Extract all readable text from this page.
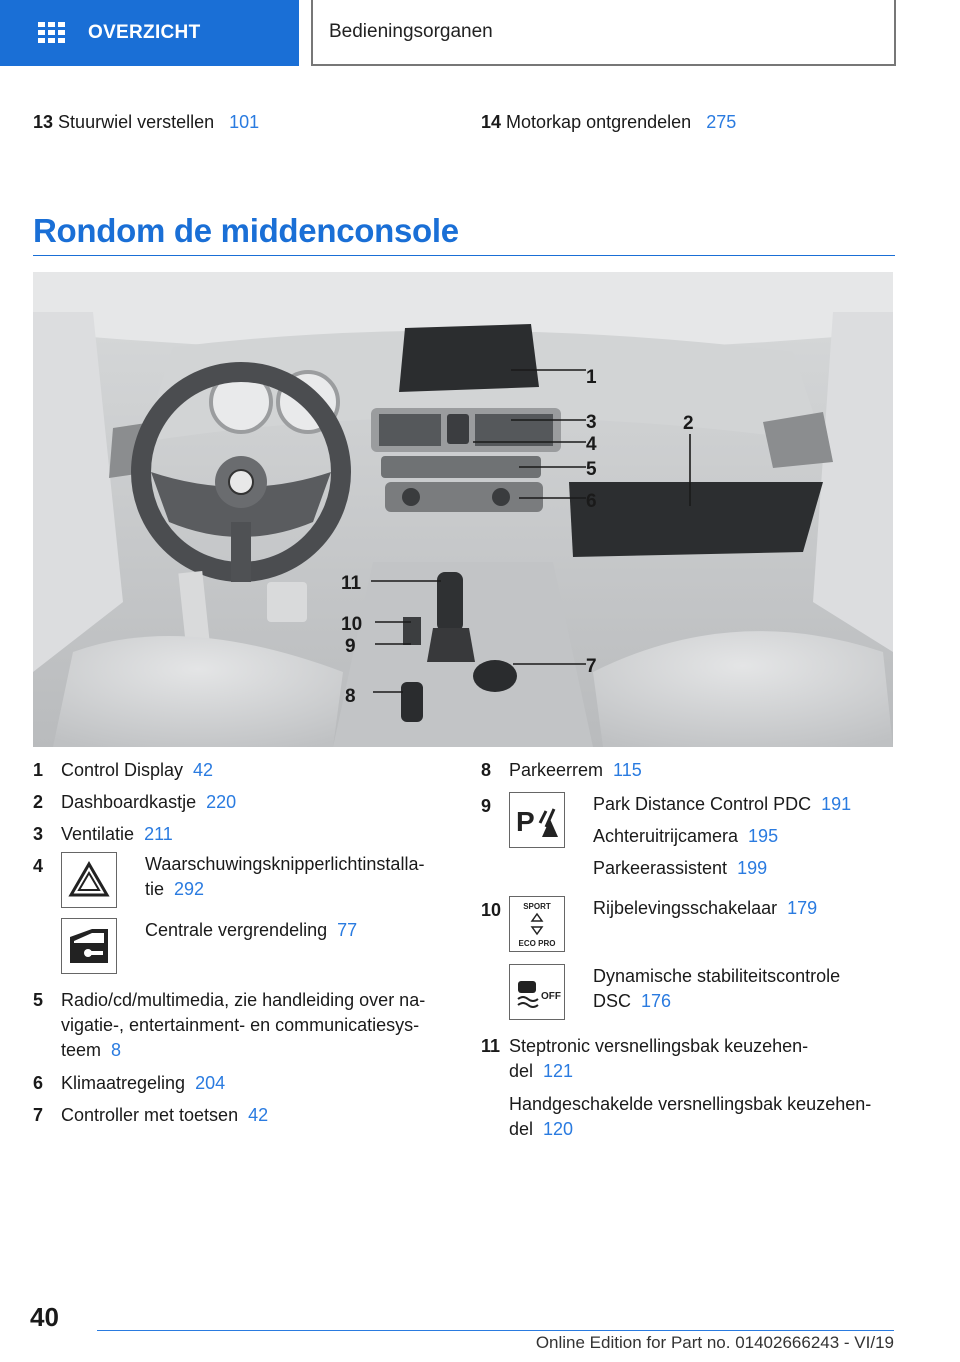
OVERZICHT	Bedieningsorganen
13 Stuurwiel verstellen 101	14 Motorkap ontgrendelen 275
Rondom de middenconsole
1
2
3
4
5
6
7
8
9
10
11
1 Control Display 42
2 Dashboardkastje 220
3 Ventilatie 211
4	Waarschuwingsknipperlichtinstalla-
tie 292
Centrale vergrendeling 77
5 Radio/cd/multimedia, zie handleiding over na-
vigatie-, entertainment- en communicatiesys-
teem 8
6 Klimaatregeling 204
7 Controller met toetsen 42
8 Parkeerrem 115
9 P
Park Distance Control PDC 191
Achteruitrijcamera 195
Parkeerassistent 199
10	SPORT
ECO PRO
Rijbelevingsschakelaar 179
OFF
Dynamische stabiliteitscontrole
DSC 176
11 Steptronic versnellingsbak keuzehen-
del 121
Handgeschakelde versnellingsbak keuzehen-
del 120
40
Online Edition for Part no. 01402666243 - VI/19
